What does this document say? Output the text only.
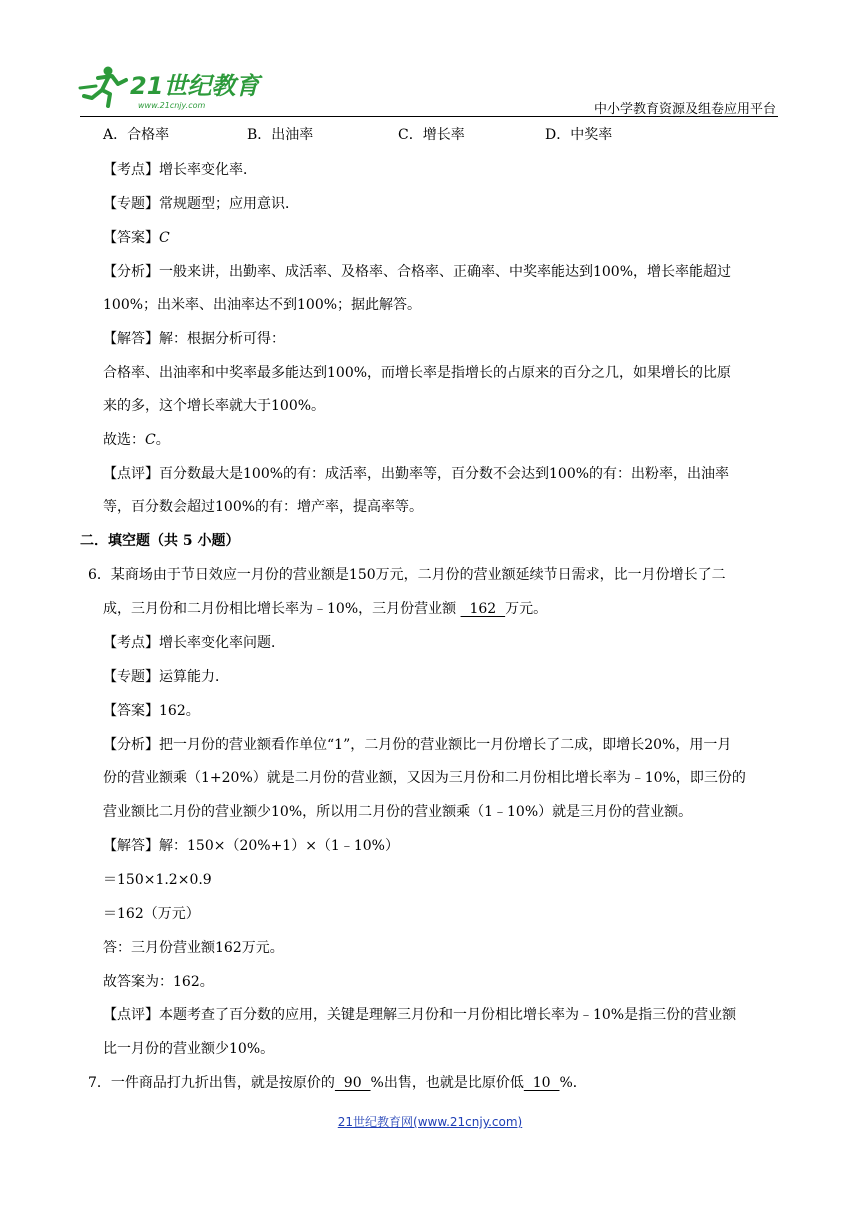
21世纪教育
www.21cnjy.com	中小学教育资源及组卷应用平台
A．合格率	B．出油率	C．增长率	D．中奖率
【考点】增长率变化率．
【专题】常规题型；应用意识．
【答案】C
【分析】一般来讲，出勤率、成活率、及格率、合格率、正确率、中奖率能达到100%，增长率能超过
100%；出米率、出油率达不到100%；据此解答。
【解答】解：根据分析可得：
合格率、出油率和中奖率最多能达到100%，而增长率是指增长的占原来的百分之几，如果增长的比原
来的多，这个增长率就大于100%。
故选：C。
【点评】百分数最大是100%的有：成活率，出勤率等，百分数不会达到100%的有：出粉率，出油率
等，百分数会超过100%的有：增产率，提高率等。
二．填空题（共 5 小题）
6．某商场由于节日效应一月份的营业额是150万元，二月份的营业额延续节日需求，比一月份增长了二
成，三月份和二月份相比增长率为﹣10%，三月份营业额   162  万元。
【考点】增长率变化率问题．
【专题】运算能力．
【答案】162。
【分析】把一月份的营业额看作单位“1”，二月份的营业额比一月份增长了二成，即增长20%，用一月
份的营业额乘（1+20%）就是二月份的营业额，又因为三月份和二月份相比增长率为﹣10%，即三份的
营业额比二月份的营业额少10%，所以用二月份的营业额乘（1﹣10%）就是三月份的营业额。
【解答】解：150×（20%+1）×（1﹣10%）
＝150×1.2×0.9
＝162（万元）
答：三月份营业额162万元。
故答案为：162。
【点评】本题考查了百分数的应用，关键是理解三月份和一月份相比增长率为﹣10%是指三份的营业额
比一月份的营业额少10%。
7．一件商品打九折出售，就是按原价的  90  %出售，也就是比原价低  10  %．
21世纪教育网(www.21cnjy.com)
